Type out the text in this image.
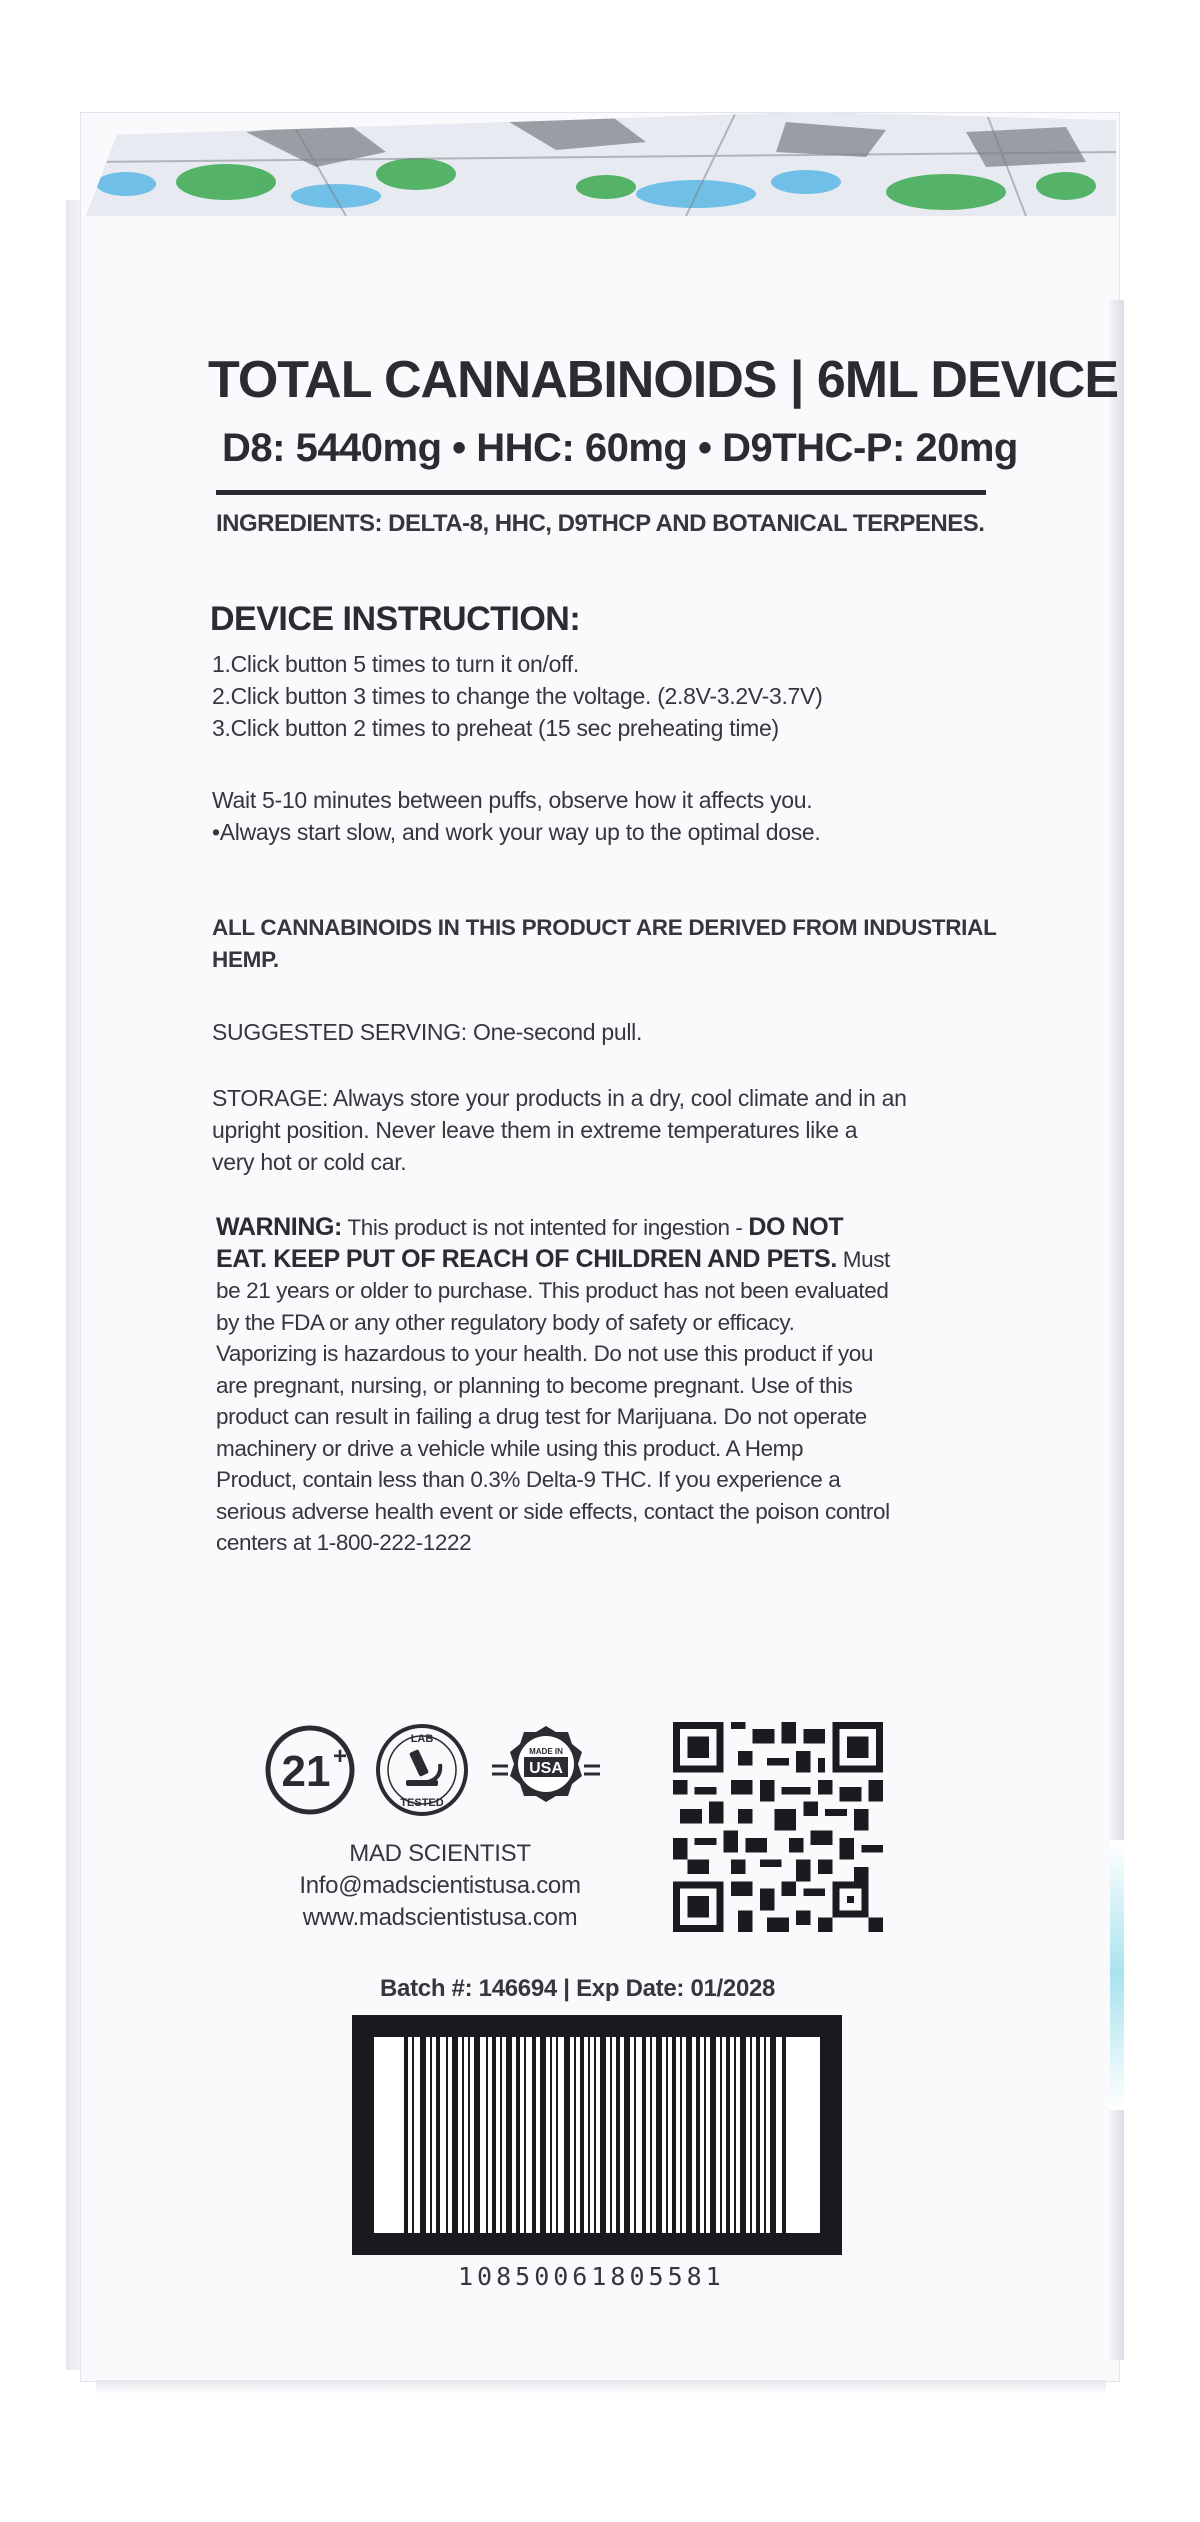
TOTAL CANNABINOIDS | 6ML DEVICE
D8: 5440mg • HHC: 60mg • D9THC-P: 20mg
INGREDIENTS: DELTA-8, HHC, D9THCP AND BOTANICAL TERPENES.
DEVICE INSTRUCTION:
1.Click button 5 times to turn it on/off.
2.Click button 3 times to change the voltage. (2.8V-3.2V-3.7V)
3.Click button 2 times to preheat (15 sec preheating time)
Wait 5-10 minutes between puffs, observe how it affects you.
•Always start slow, and work your way up to the optimal dose.
ALL CANNABINOIDS IN THIS PRODUCT ARE DERIVED FROM INDUSTRIAL
HEMP.
SUGGESTED SERVING: One-second pull.
STORAGE: Always store your products in a dry, cool climate and in an
upright position. Never leave them in extreme temperatures like a
very hot or cold car.
WARNING: This product is not intented for ingestion - DO NOT
EAT. KEEP PUT OF REACH OF CHILDREN AND PETS. Must
be 21 years or older to purchase. This product has not been evaluated
by the FDA or any other regulatory body of safety or efficacy.
Vaporizing is hazardous to your health. Do not use this product if you
are pregnant, nursing, or planning to become pregnant. Use of this
product can result in failing a drug test for Marijuana. Do not operate
machinery or drive a vehicle while using this product. A Hemp
Product, contain less than 0.3% Delta-9 THC. If you experience a
serious adverse health event or side effects, contact the poison control
centers at 1-800-222-1222
21 +
LAB
TESTED
MADE IN
USA
MAD SCIENTIST
Info@madscientistusa.com
www.madscientistusa.com
Batch #: 146694 | Exp Date: 01/2028
10850061805581
